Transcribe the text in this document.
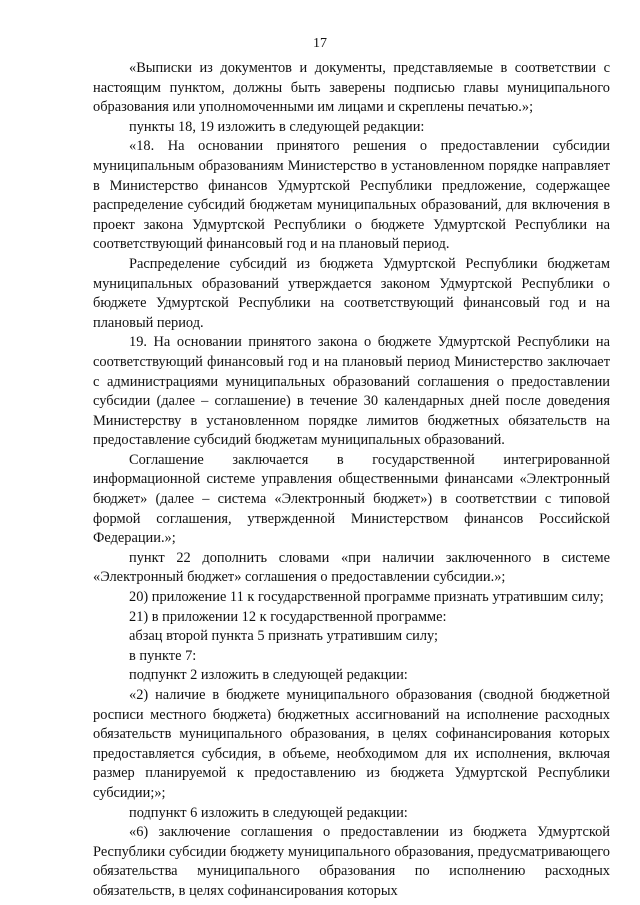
17

«Выписки из документов и документы, представляемые в соответствии с настоящим пунктом, должны быть заверены подписью главы муниципального образования или уполномоченными им лицами и скреплены печатью.»;

пункты 18, 19 изложить в следующей редакции:

«18. На основании принятого решения о предоставлении субсидии муниципальным образованиям Министерство в установленном порядке направляет в Министерство финансов Удмуртской Республики предложение, содержащее распределение субсидий бюджетам муниципальных образований, для включения в проект закона Удмуртской Республики о бюджете Удмуртской Республики на соответствующий финансовый год и на плановый период.

Распределение субсидий из бюджета Удмуртской Республики бюджетам муниципальных образований утверждается законом Удмуртской Республики о бюджете Удмуртской Республики на соответствующий финансовый год и на плановый период.

19. На основании принятого закона о бюджете Удмуртской Республики на соответствующий финансовый год и на плановый период Министерство заключает с администрациями муниципальных образований соглашения о предоставлении субсидии (далее – соглашение) в течение 30 календарных дней после доведения Министерству в установленном порядке лимитов бюджетных обязательств на предоставление субсидий бюджетам муниципальных образований.

Соглашение заключается в государственной интегрированной информационной системе управления общественными финансами «Электронный бюджет» (далее – система «Электронный бюджет») в соответствии с типовой формой соглашения, утвержденной Министерством финансов Российской Федерации.»;

пункт 22 дополнить словами «при наличии заключенного в системе «Электронный бюджет» соглашения о предоставлении субсидии.»;

20) приложение 11 к государственной программе признать утратившим силу;

21) в приложении 12 к государственной программе:

абзац второй пункта 5 признать утратившим силу;

в пункте 7:

подпункт 2 изложить в следующей редакции:

«2) наличие в бюджете муниципального образования (сводной бюджетной росписи местного бюджета) бюджетных ассигнований на исполнение расходных обязательств муниципального образования, в целях софинансирования которых предоставляется субсидия, в объеме, необходимом для их исполнения, включая размер планируемой к предоставлению из бюджета Удмуртской Республики субсидии;»;

подпункт 6 изложить в следующей редакции:

«6) заключение соглашения о предоставлении из бюджета Удмуртской Республики субсидии бюджету муниципального образования, предусматривающего обязательства муниципального образования по исполнению расходных обязательств, в целях софинансирования которых
